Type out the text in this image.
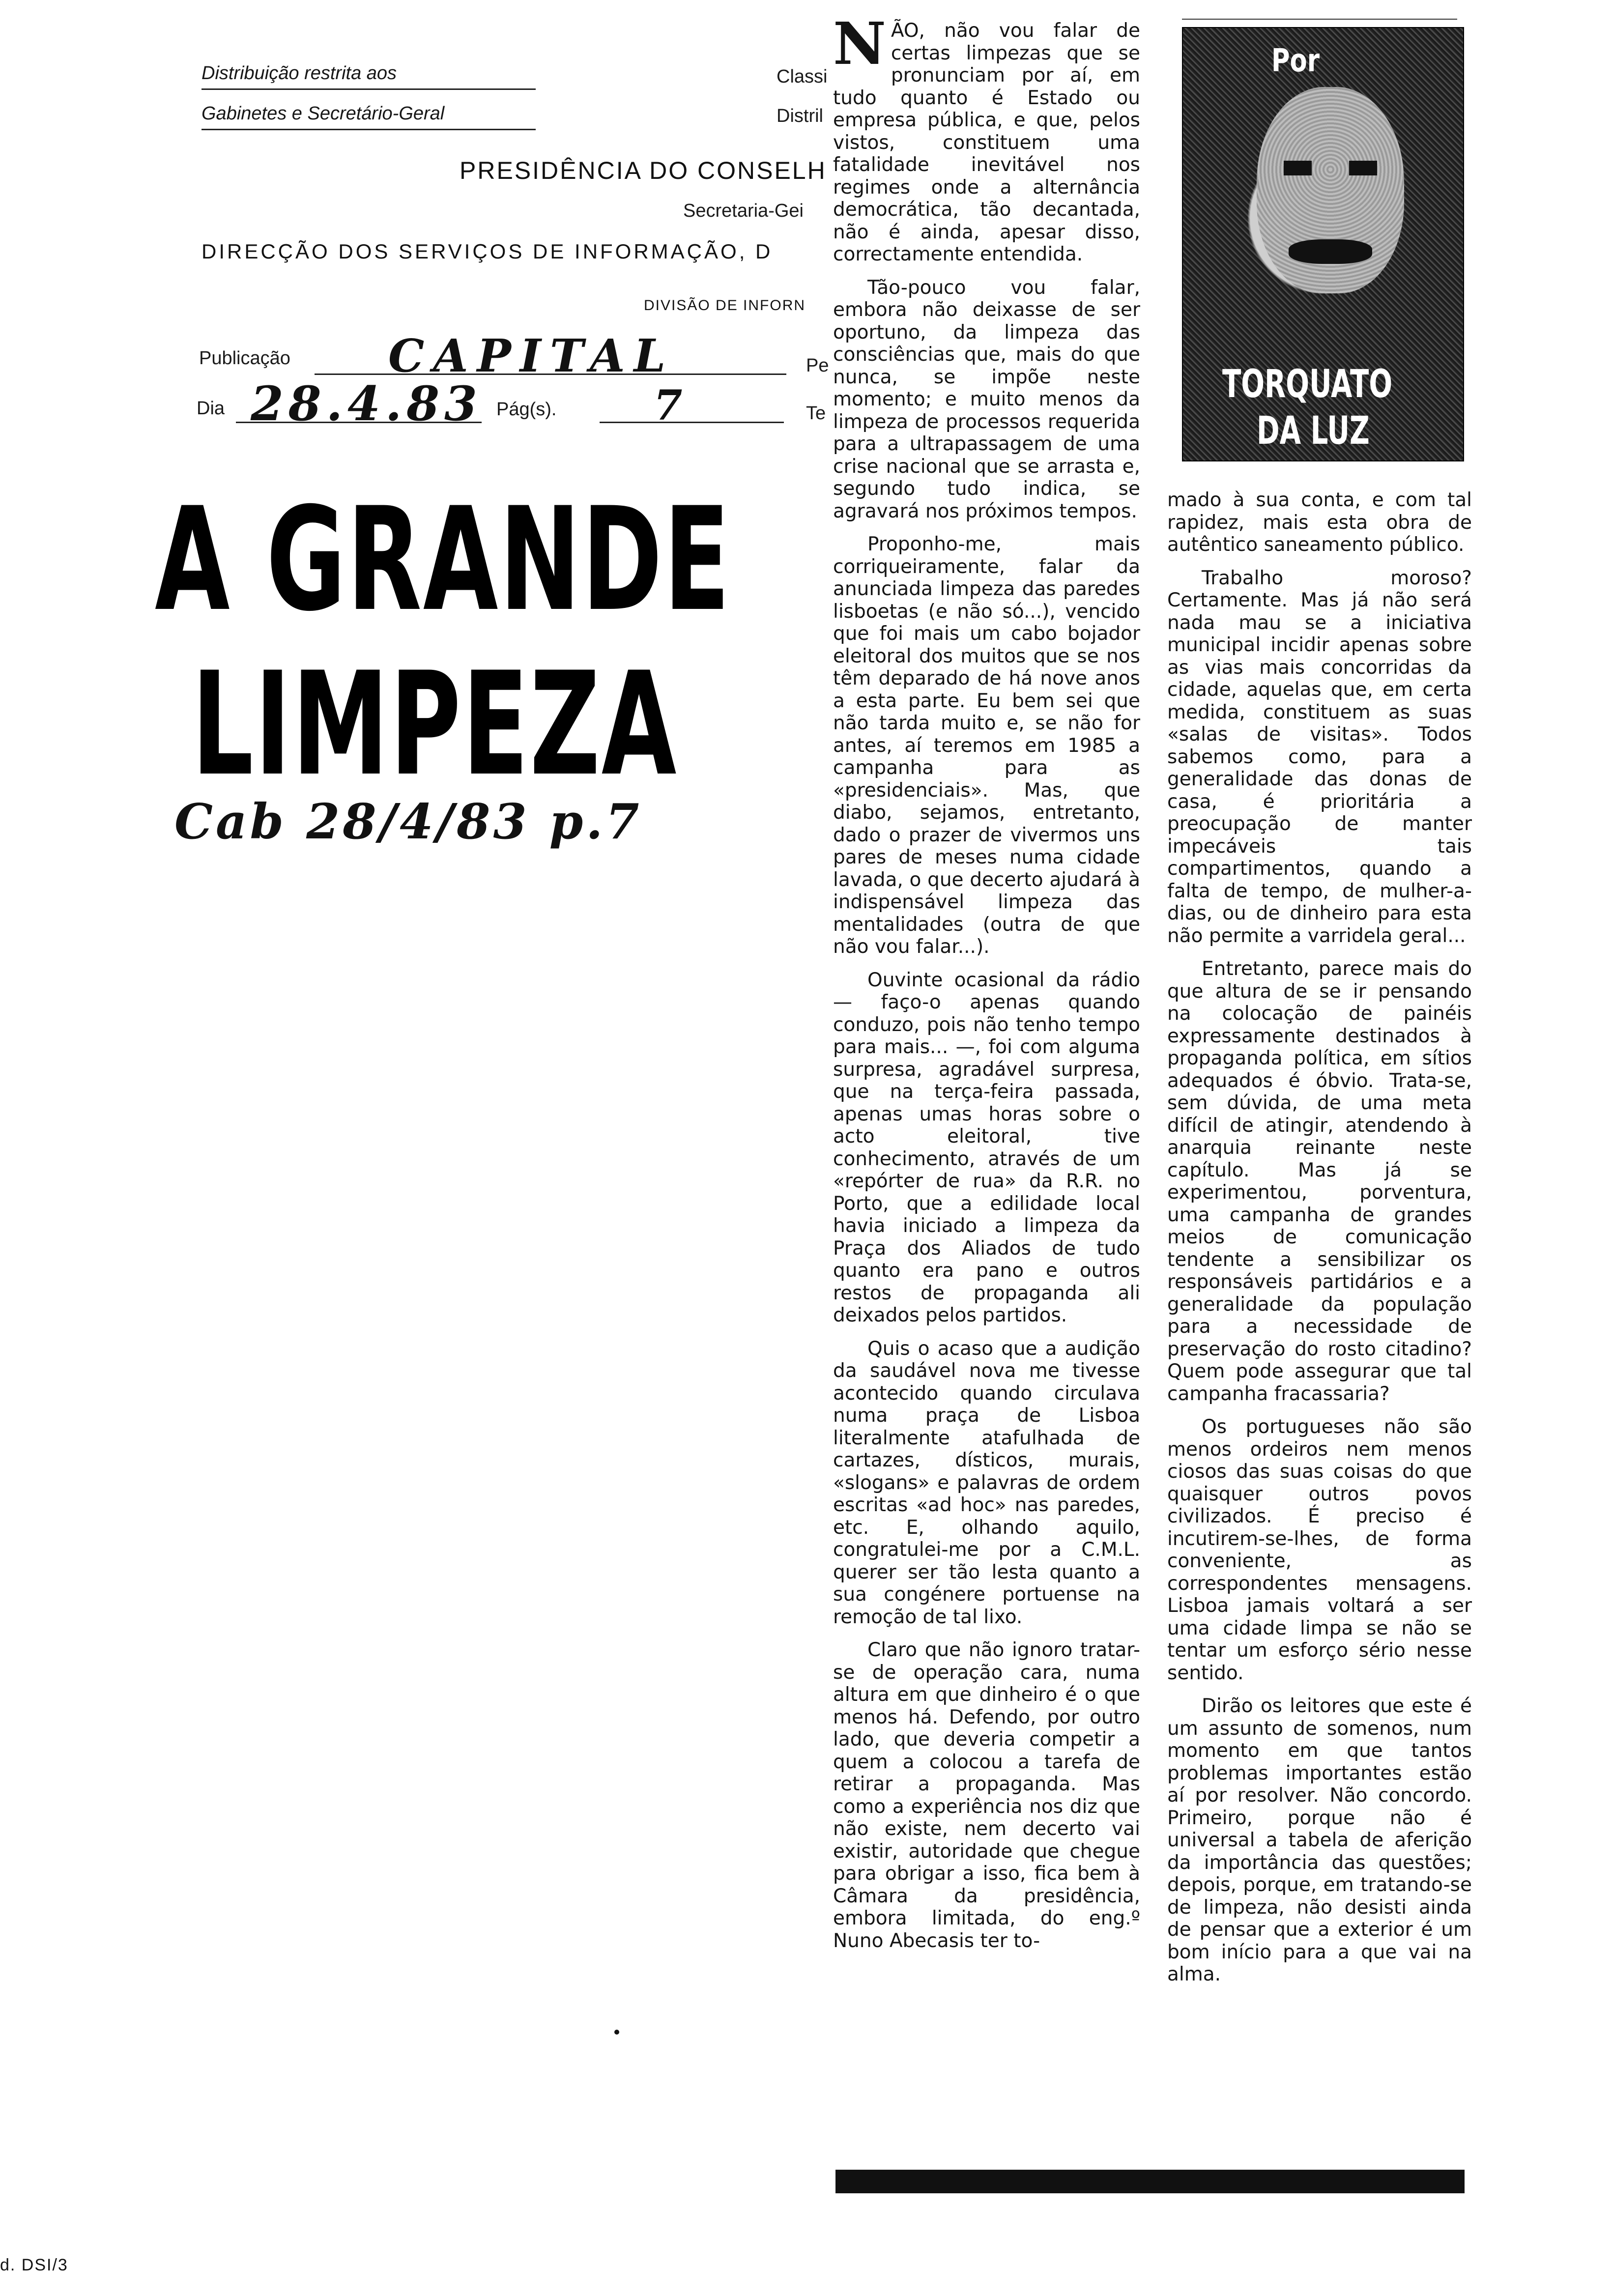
Distribuição restrita aos
Gabinetes e Secretário-Geral
Classi
Distril
PRESIDÊNCIA DO CONSELH
Secretaria-Gei
DIRECÇÃO DOS SERVIÇOS DE INFORMAÇÃO, D
DIVISÃO DE INFORN
Publicação CAPITAL	Pe
Dia 28.4.83 Pág(s). 7	Te
A GRANDE
LIMPEZA
Cab 28/4/83 p.7
Por
TORQUATO
DA LUZ

NÃO, não vou falar de certas limpezas que se pronunciam por aí, em tudo quanto é Estado ou empresa pública, e que, pelos vistos, constituem uma fatalidade inevitável nos regimes onde a alternância democrática, tão decantada, não é ainda, apesar disso, correctamente entendida.

Tão-pouco vou falar, embora não deixasse de ser oportuno, da limpeza das consciências que, mais do que nunca, se impõe neste momento; e muito menos da limpeza de processos requerida para a ultrapassagem de uma crise nacional que se arrasta e, segundo tudo indica, se agravará nos próximos tempos.

Proponho-me, mais corriqueiramente, falar da anunciada limpeza das paredes lisboetas (e não só...), vencido que foi mais um cabo bojador eleitoral dos muitos que se nos têm deparado de há nove anos a esta parte. Eu bem sei que não tarda muito e, se não for antes, aí teremos em 1985 a campanha para as «presidenciais». Mas, que diabo, sejamos, entretanto, dado o prazer de vivermos uns pares de meses numa cidade lavada, o que decerto ajudará à indispensável limpeza das mentalidades (outra de que não vou falar...).

Ouvinte ocasional da rádio — faço-o apenas quando conduzo, pois não tenho tempo para mais... —, foi com alguma surpresa, agradável surpresa, que na terça-feira passada, apenas umas horas sobre o acto eleitoral, tive conhecimento, através de um «repórter de rua» da R.R. no Porto, que a edilidade local havia iniciado a limpeza da Praça dos Aliados de tudo quanto era pano e outros restos de propaganda ali deixados pelos partidos.

Quis o acaso que a audição da saudável nova me tivesse acontecido quando circulava numa praça de Lisboa literalmente atafulhada de cartazes, dísticos, murais, «slogans» e palavras de ordem escritas «ad hoc» nas paredes, etc. E, olhando aquilo, congratulei-me por a C.M.L. querer ser tão lesta quanto a sua congénere portuense na remoção de tal lixo.

Claro que não ignoro tratar-se de operação cara, numa altura em que dinheiro é o que menos há. Defendo, por outro lado, que deveria competir a quem a colocou a tarefa de retirar a propaganda. Mas como a experiência nos diz que não existe, nem decerto vai existir, autoridade que chegue para obrigar a isso, fica bem à Câmara da presidência, embora limitada, do eng.º Nuno Abecasis ter to-

mado à sua conta, e com tal rapidez, mais esta obra de autêntico saneamento público.

Trabalho moroso? Certamente. Mas já não será nada mau se a iniciativa municipal incidir apenas sobre as vias mais concorridas da cidade, aquelas que, em certa medida, constituem as suas «salas de visitas». Todos sabemos como, para a generalidade das donas de casa, é prioritária a preocupação de manter impecáveis tais compartimentos, quando a falta de tempo, de mulher-a-dias, ou de dinheiro para esta não permite a varridela geral...

Entretanto, parece mais do que altura de se ir pensando na colocação de painéis expressamente destinados à propaganda política, em sítios adequados é óbvio. Trata-se, sem dúvida, de uma meta difícil de atingir, atendendo à anarquia reinante neste capítulo. Mas já se experimentou, porventura, uma campanha de grandes meios de comunicação tendente a sensibilizar os responsáveis partidários e a generalidade da população para a necessidade de preservação do rosto citadino? Quem pode assegurar que tal campanha fracassaria?

Os portugueses não são menos ordeiros nem menos ciosos das suas coisas do que quaisquer outros povos civilizados. É preciso é incutirem-se-lhes, de forma conveniente, as correspondentes mensagens. Lisboa jamais voltará a ser uma cidade limpa se não se tentar um esforço sério nesse sentido.

Dirão os leitores que este é um assunto de somenos, num momento em que tantos problemas importantes estão aí por resolver. Não concordo. Primeiro, porque não é universal a tabela de aferição da importância das questões; depois, porque, em tratando-se de limpeza, não desisti ainda de pensar que a exterior é um bom início para a que vai na alma.

d. DSI/3
